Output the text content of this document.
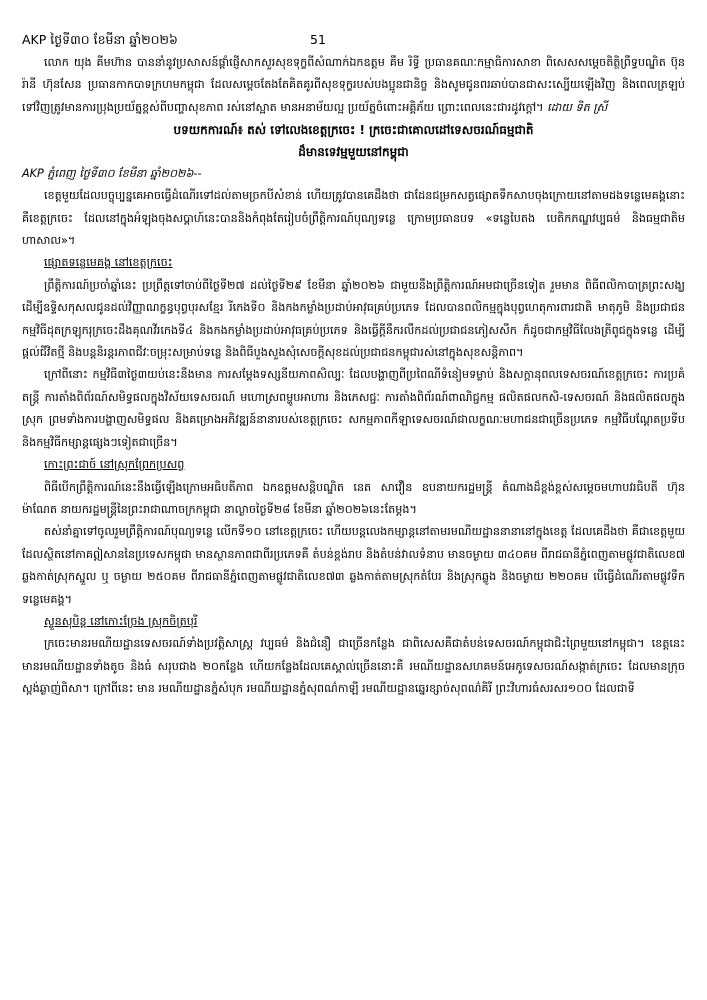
AKP ថ្ងៃទី៣០ ខែមីនា ឆ្នាំ២០២៦	51

លោក យុង គីមហ៊ាន បាននាំនូវប្រសាសន៍ផ្ដាំផ្ញើសាកសួរសុខទុក្ខពីសំណាក់ឯកឧត្តម គឹម រិទ្ធី ប្រធានគណៈកម្មាធិការសាខា ពិសេសសម្ដេចតិត្ថិព្រឹទ្ធបណ្ឌិត ប៊ុន រ៉ានី ហ៊ុនសែន ប្រធានកាកបាទក្រហមកម្ពុជា ដែលសម្ដេចតែងតែគិតគូរពីសុខទុក្ខរបស់បងប្អូនជានិច្ច និងសូមជូនពរឆាប់បានជាសះស្បើយឡើងវិញ និងពេលត្រឡប់ទៅវិញត្រូវមានការប្រុងប្រយ័ត្នខ្ពស់ពីបញ្ហាសុខភាព រស់នៅស្អាត មានអនាម័យល្អ ប្រយ័ត្នចំពោះអគ្គិភ័យ ព្រោះពេលនេះជារដូវក្ដៅ។ ដោយ ទិត ស្រី

បទយកការណ៍៖ តស់ ទៅលេងខេត្តក្រចេះ ! ក្រចេះជាគោលដៅទេសចរណ៍ធម្មជាតិ

ដ៏មានទេវម្មមួយនៅកម្ពុជា

AKP ភ្នំពេញ ថ្ងៃទី៣០ ខែមីនា ឆ្នាំ២០២៦--

ខេត្តមួយដែលបច្ចុប្បន្នគេអាចធ្វើដំណើរទៅដល់តាមច្រកបីសំខាន់ ហើយត្រូវបានគេដឹងថា ជាដែនជម្រកសត្វផ្សោតទឹកសាបចុងក្រោយនៅតាមដងទន្លេមេគង្គនោះ គឺខេត្តក្រចេះ ដែលនៅក្នុងអំឡុងចុងសប្ដាហ៍នេះបាននិងកំពុងតែរៀបចំព្រឹត្តិការណ៍បុណ្យទន្លេ ក្រោមប្រធានបទ «ទន្លេបៃតង បេតិកភណ្ឌវប្បធម៌ និងធម្មជាតិមហាសាល»។

ផ្សោតទន្លេមេគង្គ នៅខេត្តក្រចេះ

ព្រឹត្តិការណ៍ប្រចាំឆ្នាំនេះ ប្រព្រឹត្តទៅចាប់ពីថ្ងៃទី២៧ ដល់ថ្ងៃទី២៩ ខែមីនា ឆ្នាំ២០២៦ ជាមួយនឹងព្រឹត្តិការណ៍អមជាច្រើនទៀត រួមមាន ពិធីពលិកាបាត្រព្រះសង្ឃដើម្បីឧទ្ទិសកុសលជូនដល់វិញ្ញាណក្ខន្ធបុព្វបុរសខ្មែរ រីកេងទី០ និងកងកម្លាំងប្រដាប់អាវុធគ្រប់ប្រភេទ ដែលបានពលិកម្មក្នុងបុព្វហេតុការពារជាតិ មាតុភូមិ និងប្រជាជន កម្មវិធីដុតក្រឡុករុក្រចេះដឹងគុណវីរកេងទី៤ និងកងកម្លាំងប្រដាប់អាវុធគ្រប់ប្រភេទ និងធ្វើក្តីនឹករលឹកដល់ប្រជាជនភៀសសឹក ក៏ដូចជាកម្មវិធីលែងត្រីពូជក្នុងទន្លេ ដើម្បីផ្ដល់ជីវិតថ្មី និងបន្តនិរន្តរភាពជីវៈចម្រុះសម្រាប់ទន្លេ និងពិធីបួងសួងសុំសេចក្ដីសុខដល់ប្រជាជនកម្ពុជារស់នៅក្នុងសុខសន្តិភាព។

ក្រៅពីនោះ កម្មវិធី៣ថ្ងៃ៣យប់នេះនឹងមាន ការសម្ដែងទស្សនីយភាពសិល្បៈ ដែលបង្ហាញពីប្រពៃណីទំនៀមទម្លាប់ និងសក្ដានុពលទេសចរណ៍ខេត្តក្រចេះ ការប្រគំតន្ត្រី ការតាំងពិព័រណ៍សមិទ្ធផលក្នុងវិស័យទេសចរណ៍ មហោស្រពម្ហូបអាហារ និងភេសជ្ជៈ ការតាំងពិព័រណ៍ពាណិជ្ជកម្ម ផលិតផលកសិ-ទេសចរណ៍ និងផលិតផលក្នុងស្រុក ព្រមទាំងការបង្ហាញសមិទ្ធផល និងគម្រោងអភិវឌ្ឍន៍នានារបស់ខេត្តក្រចេះ សកម្មភាពកីឡាទេសចរណ៍ជាលក្ខណៈមហាជនជាច្រើនប្រភេទ កម្មវិធីបណ្ដែតប្រទីប និងកម្មវិធីកម្សាន្តផ្សេងៗទៀតជាច្រើន។

កោះព្រះជាច៍ នៅស្រុកព្រែកប្រសព្វ

ពិធីបើកព្រឹត្តិការណ៍នេះនឹងធ្វើឡើងក្រោមអធិបតីភាព ឯកឧត្តមសន្តិបណ្ឌិត នេត សាវឿន ឧបនាយករដ្ឋមន្ត្រី តំណាងដ៏ខ្ពង់ខ្ពស់សម្ដេចមហាបវរធិបតី ហ៊ុន ម៉ាណែត នាយករដ្ឋមន្ត្រីនៃព្រះរាជាណាចក្រកម្ពុជា នាល្ងាចថ្ងៃទី២៨ ខែមីនា ឆ្នាំ២០២៦នេះតែម្ដង។

តស់នាំគ្នាទៅចូលរួមព្រឹត្តិការណ៍បុណ្យទន្លេ លើកទី១០ នៅខេត្តក្រចេះ ហើយបន្តលេងកម្សាន្តនៅតាមរមណីយដ្ឋាននានានៅក្នុងខេត្ត ដែលគេដឹងថា គឺជាខេត្តមួយដែលស្ថិតនៅភាគឦសាននៃប្រទេសកម្ពុជា មានស្ថានភាពជាពីរប្រភេទគឺ តំបន់ខ្ពង់រាប និងតំបន់វាលទំនាប មានចម្ងាយ ៣៤០គម ពីរាជធានីភ្នំពេញតាមផ្លូវជាតិលេខ៧ ឆ្លងកាត់ស្រុកស្នួល ឬ ចម្ងាយ ២៥០គម ពីរាជធានីភ្នំពេញតាមផ្លូវជាតិលេខ៧៣ ឆ្លងកាត់តាមស្រុកតំបែរ និងស្រុកឆ្លូង និងចម្ងាយ ២២០គម បើធ្វើដំណើរតាមផ្លូវទឹកទន្លេមេគង្គ។

ស្ទួនសុបិន្ត នៅកោះច្រែង ស្រុកចិត្របុរី

ក្រចេះមានរមណីយដ្ឋានទេសចរណ៍ទាំងប្រវត្តិសាស្ត្រ វប្បធម៌ និងជំនឿ ជាច្រើនកន្លែង ជាពិសេសគឺជាតំបន់ទេសចរណ៍កម្ពុជាជិះព្រៃមួយនៅកម្ពុជា។ ខេត្តនេះ មានរមណីយដ្ឋានទាំងតូច និងធំ សរុបជាង ២០កន្លែង ហើយកន្លែងដែលគេស្គាល់ច្រើននោះគឺ រមណីយដ្ឋានសហគមន៍អេកូទេសចរណ៍សង្កាត់ក្រចេះ ដែលមានក្រុចស្ពង់ឆ្ងាញ់ពិសា។ ក្រៅពីនេះ មាន រមណីយដ្ឋានភ្នំសំបុក រមណីយដ្ឋានភ្នំសុពណ៌កាឡី រមណីយដ្ឋានឆ្នេរខ្សាច់សុពណ៌គិរី ព្រះវិហារធំសរសរ១០០ ដែលជាទី
